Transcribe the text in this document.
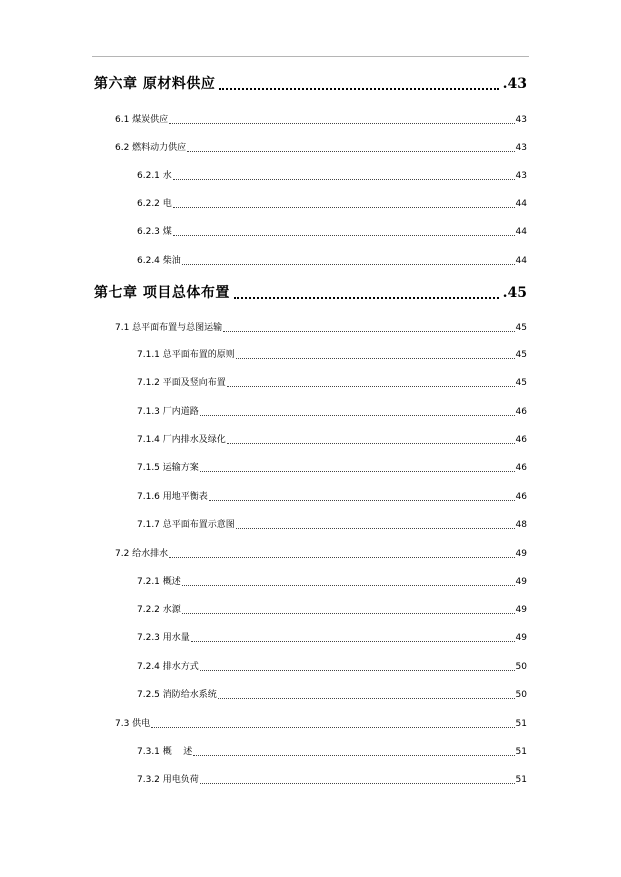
第六章 原材料供应	.43
6.1 煤炭供应	43
6.2 燃料动力供应	43
6.2.1 水	43
6.2.2 电	44
6.2.3 煤	44
6.2.4 柴油	44
第七章 项目总体布置	.45
7.1 总平面布置与总图运输	45
7.1.1 总平面布置的原则	45
7.1.2 平面及竖向布置	45
7.1.3 厂内道路	46
7.1.4 厂内排水及绿化	46
7.1.5 运输方案	46
7.1.6 用地平衡表	46
7.1.7 总平面布置示意图	48
7.2 给水排水	49
7.2.1 概述	49
7.2.2 水源	49
7.2.3 用水量	49
7.2.4 排水方式	50
7.2.5 消防给水系统	50
7.3 供电	51
7.3.1 概    述	51
7.3.2 用电负荷	51
